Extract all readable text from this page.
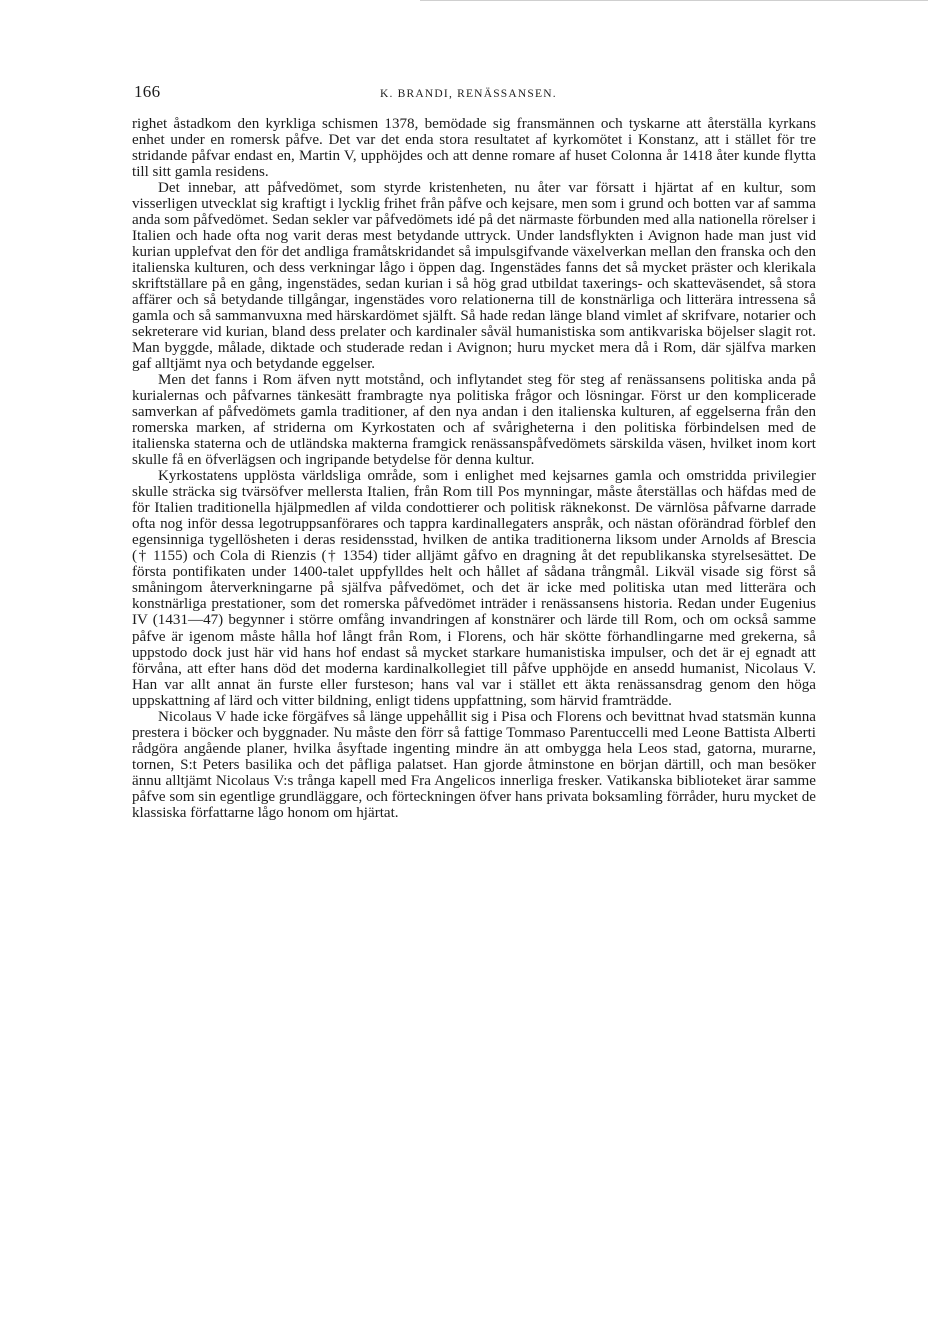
166	K. BRANDI, RENÄSSANSEN.

righet åstadkom den kyrkliga schismen 1378, bemödade sig fransmännen och tyskarne att återställa kyrkans enhet under en romersk påfve. Det var det enda stora resultatet af kyrkomötet i Konstanz, att i stället för tre stridande påfvar endast en, Martin V, upphöjdes och att denne romare af huset Colonna år 1418 åter kunde flytta till sitt gamla residens.

Det innebar, att påfvedömet, som styrde kristenheten, nu åter var försatt i hjärtat af en kultur, som visserligen utvecklat sig kraftigt i lycklig frihet från påfve och kejsare, men som i grund och botten var af samma anda som påfvedömet. Sedan sekler var påfvedömets idé på det närmaste förbunden med alla nationella rörelser i Italien och hade ofta nog varit deras mest betydande uttryck. Under landsflykten i Avignon hade man just vid kurian upplefvat den för det andliga framåtskridandet så impulsgifvande växelverkan mellan den franska och den italienska kulturen, och dess verkningar lågo i öppen dag. Ingenstädes fanns det så mycket präster och klerikala skriftställare på en gång, ingenstädes, sedan kurian i så hög grad utbildat taxerings- och skatteväsendet, så stora affärer och så betydande tillgångar, ingenstädes voro relationerna till de konstnärliga och litterära intressena så gamla och så sammanvuxna med härskardömet själft. Så hade redan länge bland vimlet af skrifvare, notarier och sekreterare vid kurian, bland dess prelater och kardinaler såväl humanistiska som antikvariska böjelser slagit rot. Man byggde, målade, diktade och studerade redan i Avignon; huru mycket mera då i Rom, där själfva marken gaf alltjämt nya och betydande eggelser.

Men det fanns i Rom äfven nytt motstånd, och inflytandet steg för steg af renässansens politiska anda på kurialernas och påfvarnes tänkesätt frambragte nya politiska frågor och lösningar. Först ur den komplicerade samverkan af påfvedömets gamla traditioner, af den nya andan i den italienska kulturen, af eggelserna från den romerska marken, af striderna om Kyrkostaten och af svårigheterna i den politiska förbindelsen med de italienska staterna och de utländska makterna framgick renässanspåfvedömets särskilda väsen, hvilket inom kort skulle få en öfverlägsen och ingripande betydelse för denna kultur.

Kyrkostatens upplösta världsliga område, som i enlighet med kejsarnes gamla och omstridda privilegier skulle sträcka sig tvärsöfver mellersta Italien, från Rom till Pos mynningar, måste återställas och häfdas med de för Italien traditionella hjälpmedlen af vilda condottierer och politisk räknekonst. De värnlösa påfvarne darrade ofta nog inför dessa legotruppsanförares och tappra kardinallegaters anspråk, och nästan oförändrad förblef den egensinniga tygellösheten i deras residensstad, hvilken de antika traditionerna liksom under Arnolds af Brescia († 1155) och Cola di Rienzis († 1354) tider alljämt gåfvo en dragning åt det republikanska styrelsesättet. De första pontifikaten under 1400-talet uppfylldes helt och hållet af sådana trångmål. Likväl visade sig först så småningom återverkningarne på själfva påfvedömet, och det är icke med politiska utan med litterära och konstnärliga prestationer, som det romerska påfvedömet inträder i renässansens historia. Redan under Eugenius IV (1431—47) begynner i större omfång invandringen af konstnärer och lärde till Rom, och om också samme påfve är igenom måste hålla hof långt från Rom, i Florens, och här skötte förhandlingarne med grekerna, så uppstodo dock just här vid hans hof endast så mycket starkare humanistiska impulser, och det är ej egnadt att förvåna, att efter hans död det moderna kardinalkollegiet till påfve upphöjde en ansedd humanist, Nicolaus V. Han var allt annat än furste eller fursteson; hans val var i stället ett äkta renässansdrag genom den höga uppskattning af lärd och vitter bildning, enligt tidens uppfattning, som härvid framträdde.

Nicolaus V hade icke förgäfves så länge uppehållit sig i Pisa och Florens och bevittnat hvad statsmän kunna prestera i böcker och byggnader. Nu måste den förr så fattige Tommaso Parentuccelli med Leone Battista Alberti rådgöra angående planer, hvilka åsyftade ingenting mindre än att ombygga hela Leos stad, gatorna, murarne, tornen, S:t Peters basilika och det påfliga palatset. Han gjorde åtminstone en början därtill, och man besöker ännu alltjämt Nicolaus V:s trånga kapell med Fra Angelicos innerliga fresker. Vatikanska biblioteket ärar samme påfve som sin egentlige grundläggare, och förteckningen öfver hans privata boksamling förråder, huru mycket de klassiska författarne lågo honom om hjärtat.
